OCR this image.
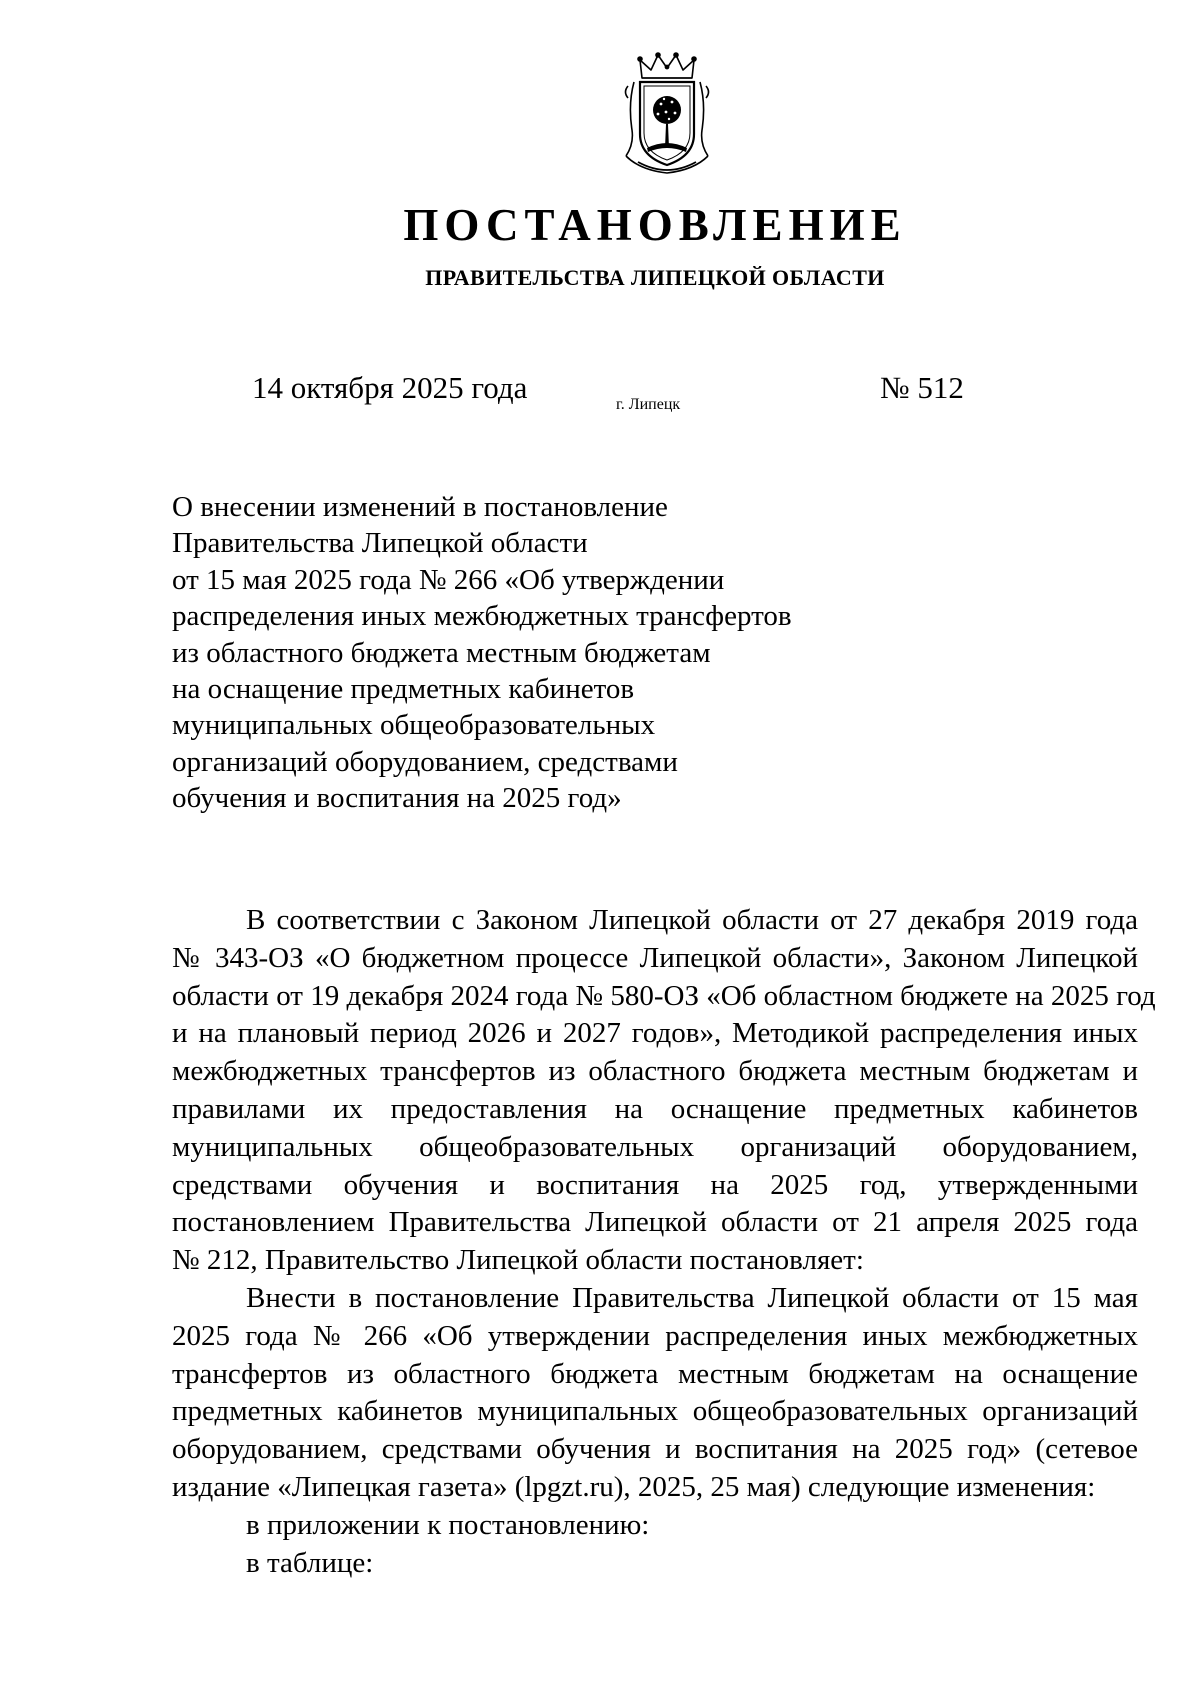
ПОСТАНОВЛЕНИЕ
ПРАВИТЕЛЬСТВА ЛИПЕЦКОЙ ОБЛАСТИ
14 октября 2025 года	г. Липецк	№ 512
О внесении изменений в постановление
Правительства Липецкой области
от 15 мая 2025 года № 266 «Об утверждении
распределения иных межбюджетных трансфертов
из областного бюджета местным бюджетам
на оснащение предметных кабинетов
муниципальных общеобразовательных
организаций оборудованием, средствами
обучения и воспитания на 2025 год»
В соответствии с Законом Липецкой области от 27 декабря 2019 года
№ 343-ОЗ «О бюджетном процессе Липецкой области», Законом Липецкой
области от 19 декабря 2024 года № 580-ОЗ «Об областном бюджете на 2025 год
и на плановый период 2026 и 2027 годов», Методикой распределения иных
межбюджетных трансфертов из областного бюджета местным бюджетам и
правилами их предоставления на оснащение предметных кабинетов
муниципальных общеобразовательных организаций оборудованием,
средствами обучения и воспитания на 2025 год, утвержденными
постановлением Правительства Липецкой области от 21 апреля 2025 года
№ 212, Правительство Липецкой области постановляет:
Внести в постановление Правительства Липецкой области от 15 мая
2025 года № 266 «Об утверждении распределения иных межбюджетных
трансфертов из областного бюджета местным бюджетам на оснащение
предметных кабинетов муниципальных общеобразовательных организаций
оборудованием, средствами обучения и воспитания на 2025 год» (сетевое
издание «Липецкая газета» (lpgzt.ru), 2025, 25 мая) следующие изменения:
в приложении к постановлению:
в таблице:
